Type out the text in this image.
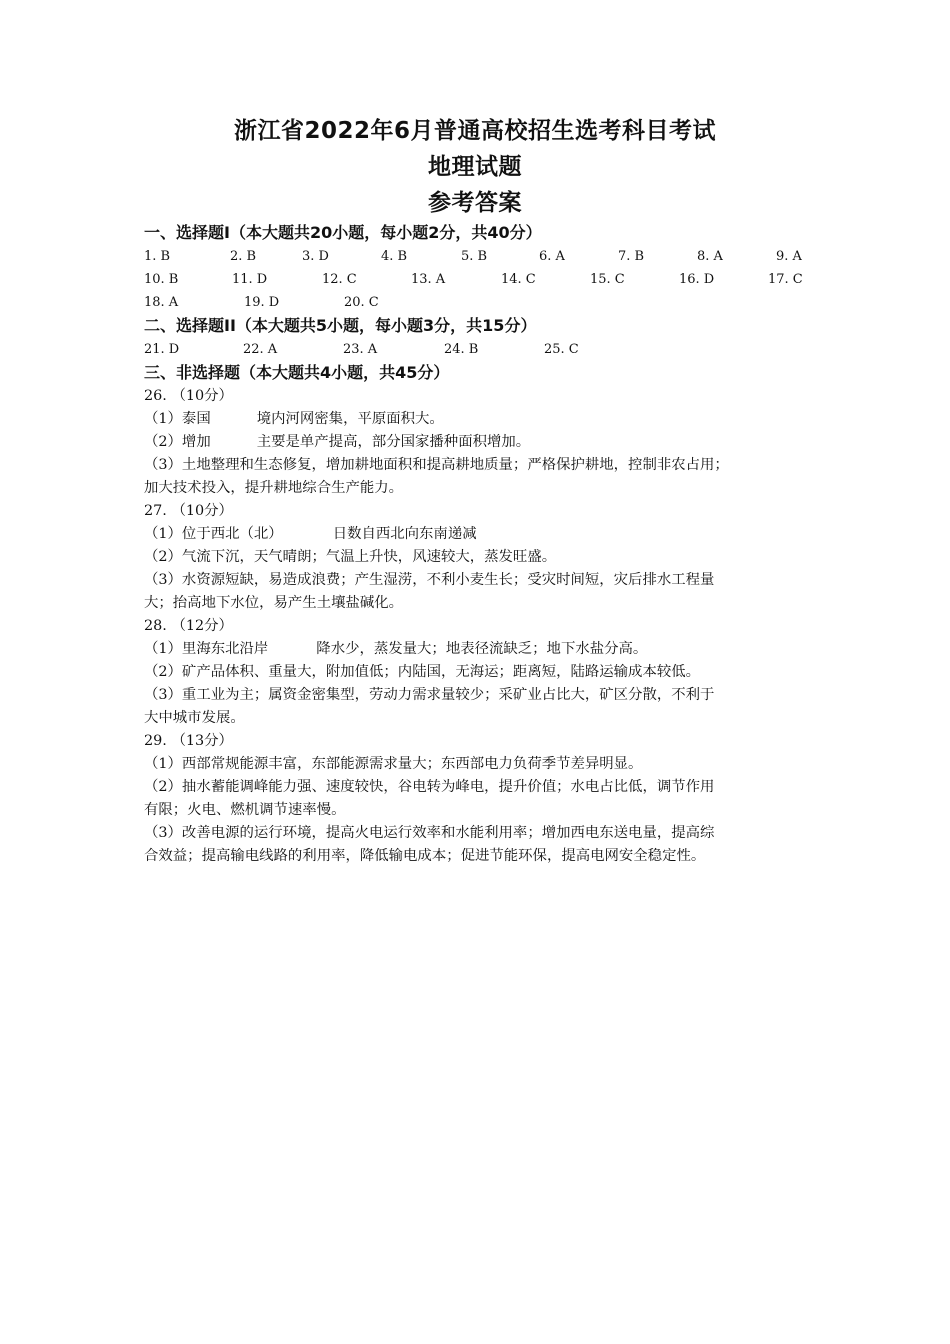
浙江省2022年6月普通高校招生选考科目考试
地理试题
参考答案
一、选择题Ⅰ（本大题共20小题，每小题2分，共40分）
1. B	2. B	3. D	4. B	5. B	6. A	7. B	8. A	9. A
10. B	11. D	12. C	13. A	14. C	15. C	16. D	17. C
18. A	19. D	20. C
二、选择题II（本大题共5小题，每小题3分，共15分）
21. D	22. A	23. A	24. B	25. C
三、非选择题（本大题共4小题，共45分）
26. （10分）
（1）泰国	境内河网密集，平原面积大。
（2）增加	主要是单产提高，部分国家播种面积增加。
（3）土地整理和生态修复，增加耕地面积和提高耕地质量；严格保护耕地，控制非农占用；
加大技术投入，提升耕地综合生产能力。
27. （10分）
（1）位于西北（北）	日数自西北向东南递减
（2）气流下沉，天气晴朗；气温上升快，风速较大，蒸发旺盛。
（3）水资源短缺，易造成浪费；产生湿涝，不利小麦生长；受灾时间短，灾后排水工程量
大；抬高地下水位，易产生土壤盐碱化。
28. （12分）
（1）里海东北沿岸	降水少，蒸发量大；地表径流缺乏；地下水盐分高。
（2）矿产品体积、重量大，附加值低；内陆国，无海运；距离短，陆路运输成本较低。
（3）重工业为主；属资金密集型，劳动力需求量较少；采矿业占比大，矿区分散，不利于
大中城市发展。
29. （13分）
（1）西部常规能源丰富，东部能源需求量大；东西部电力负荷季节差异明显。
（2）抽水蓄能调峰能力强、速度较快，谷电转为峰电，提升价值；水电占比低，调节作用
有限；火电、燃机调节速率慢。
（3）改善电源的运行环境，提高火电运行效率和水能利用率；增加西电东送电量，提高综
合效益；提高输电线路的利用率，降低输电成本；促进节能环保，提高电网安全稳定性。
